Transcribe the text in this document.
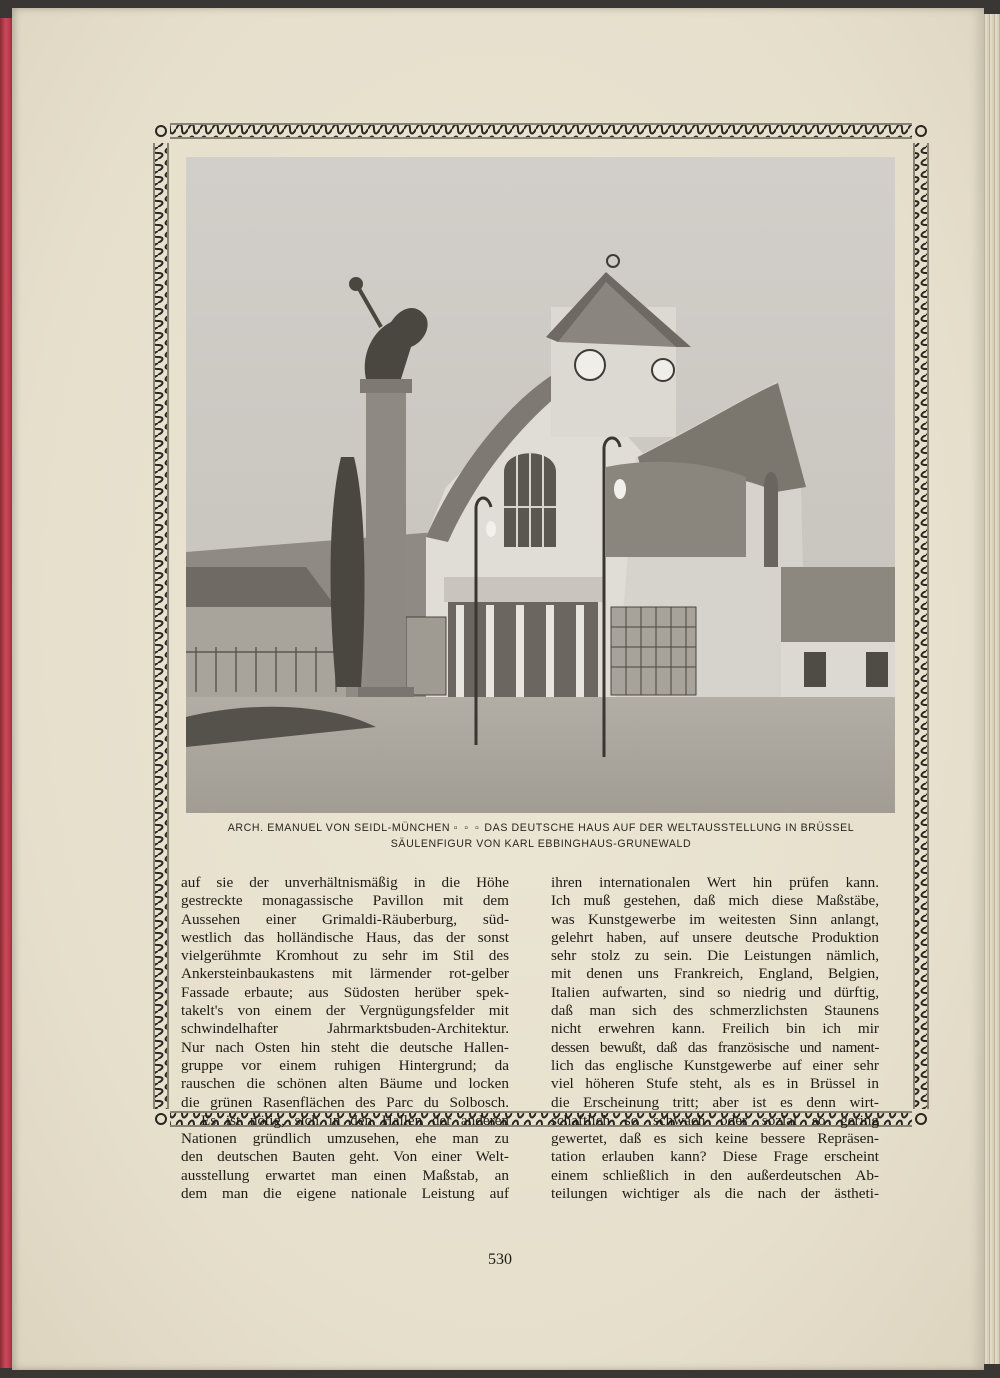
ARCH. EMANUEL VON SEIDL-MÜNCHEN ▫ ▫ ▫ DAS DEUTSCHE HAUS AUF DER WELTAUSSTELLUNG IN BRÜSSEL
SÄULENFIGUR VON KARL EBBINGHAUS-GRUNEWALD

auf sie der unverhältnismäßig in die Höhe

gestreckte monagassische Pavillon mit dem

Aussehen einer Grimaldi-Räuberburg, süd-

westlich das holländische Haus, das der sonst

vielgerühmte Kromhout zu sehr im Stil des

Ankersteinbaukastens mit lärmender rot-gelber

Fassade erbaute; aus Südosten herüber spek-

takelt's von einem der Vergnügungsfelder mit

schwindelhafter Jahrmarktsbuden-Architektur.

Nur nach Osten hin steht die deutsche Hallen-

gruppe vor einem ruhigen Hintergrund; da

rauschen die schönen alten Bäume und locken

die grünen Rasenflächen des Parc du Solbosch.

Es ist nötig, sich in den Hallen der anderen

Nationen gründlich umzusehen, ehe man zu

den deutschen Bauten geht. Von einer Welt-

ausstellung erwartet man einen Maßstab, an

dem man die eigene nationale Leistung auf

ihren internationalen Wert hin prüfen kann.

Ich muß gestehen, daß mich diese Maßstäbe,

was Kunstgewerbe im weitesten Sinn anlangt,

gelehrt haben, auf unsere deutsche Produktion

sehr stolz zu sein. Die Leistungen nämlich,

mit denen uns Frankreich, England, Belgien,

Italien aufwarten, sind so niedrig und dürftig,

daß man sich des schmerzlichsten Staunens

nicht erwehren kann. Freilich bin ich mir

dessen bewußt, daß das französische und nament-

lich das englische Kunstgewerbe auf einer sehr

viel höheren Stufe steht, als es in Brüssel in

die Erscheinung tritt; aber ist es denn wirt-

schaftlich so schwach oder sozial so gering

gewertet, daß es sich keine bessere Repräsen-

tation erlauben kann? Diese Frage erscheint

einem schließlich in den außerdeutschen Ab-

teilungen wichtiger als die nach der ästheti-

530
